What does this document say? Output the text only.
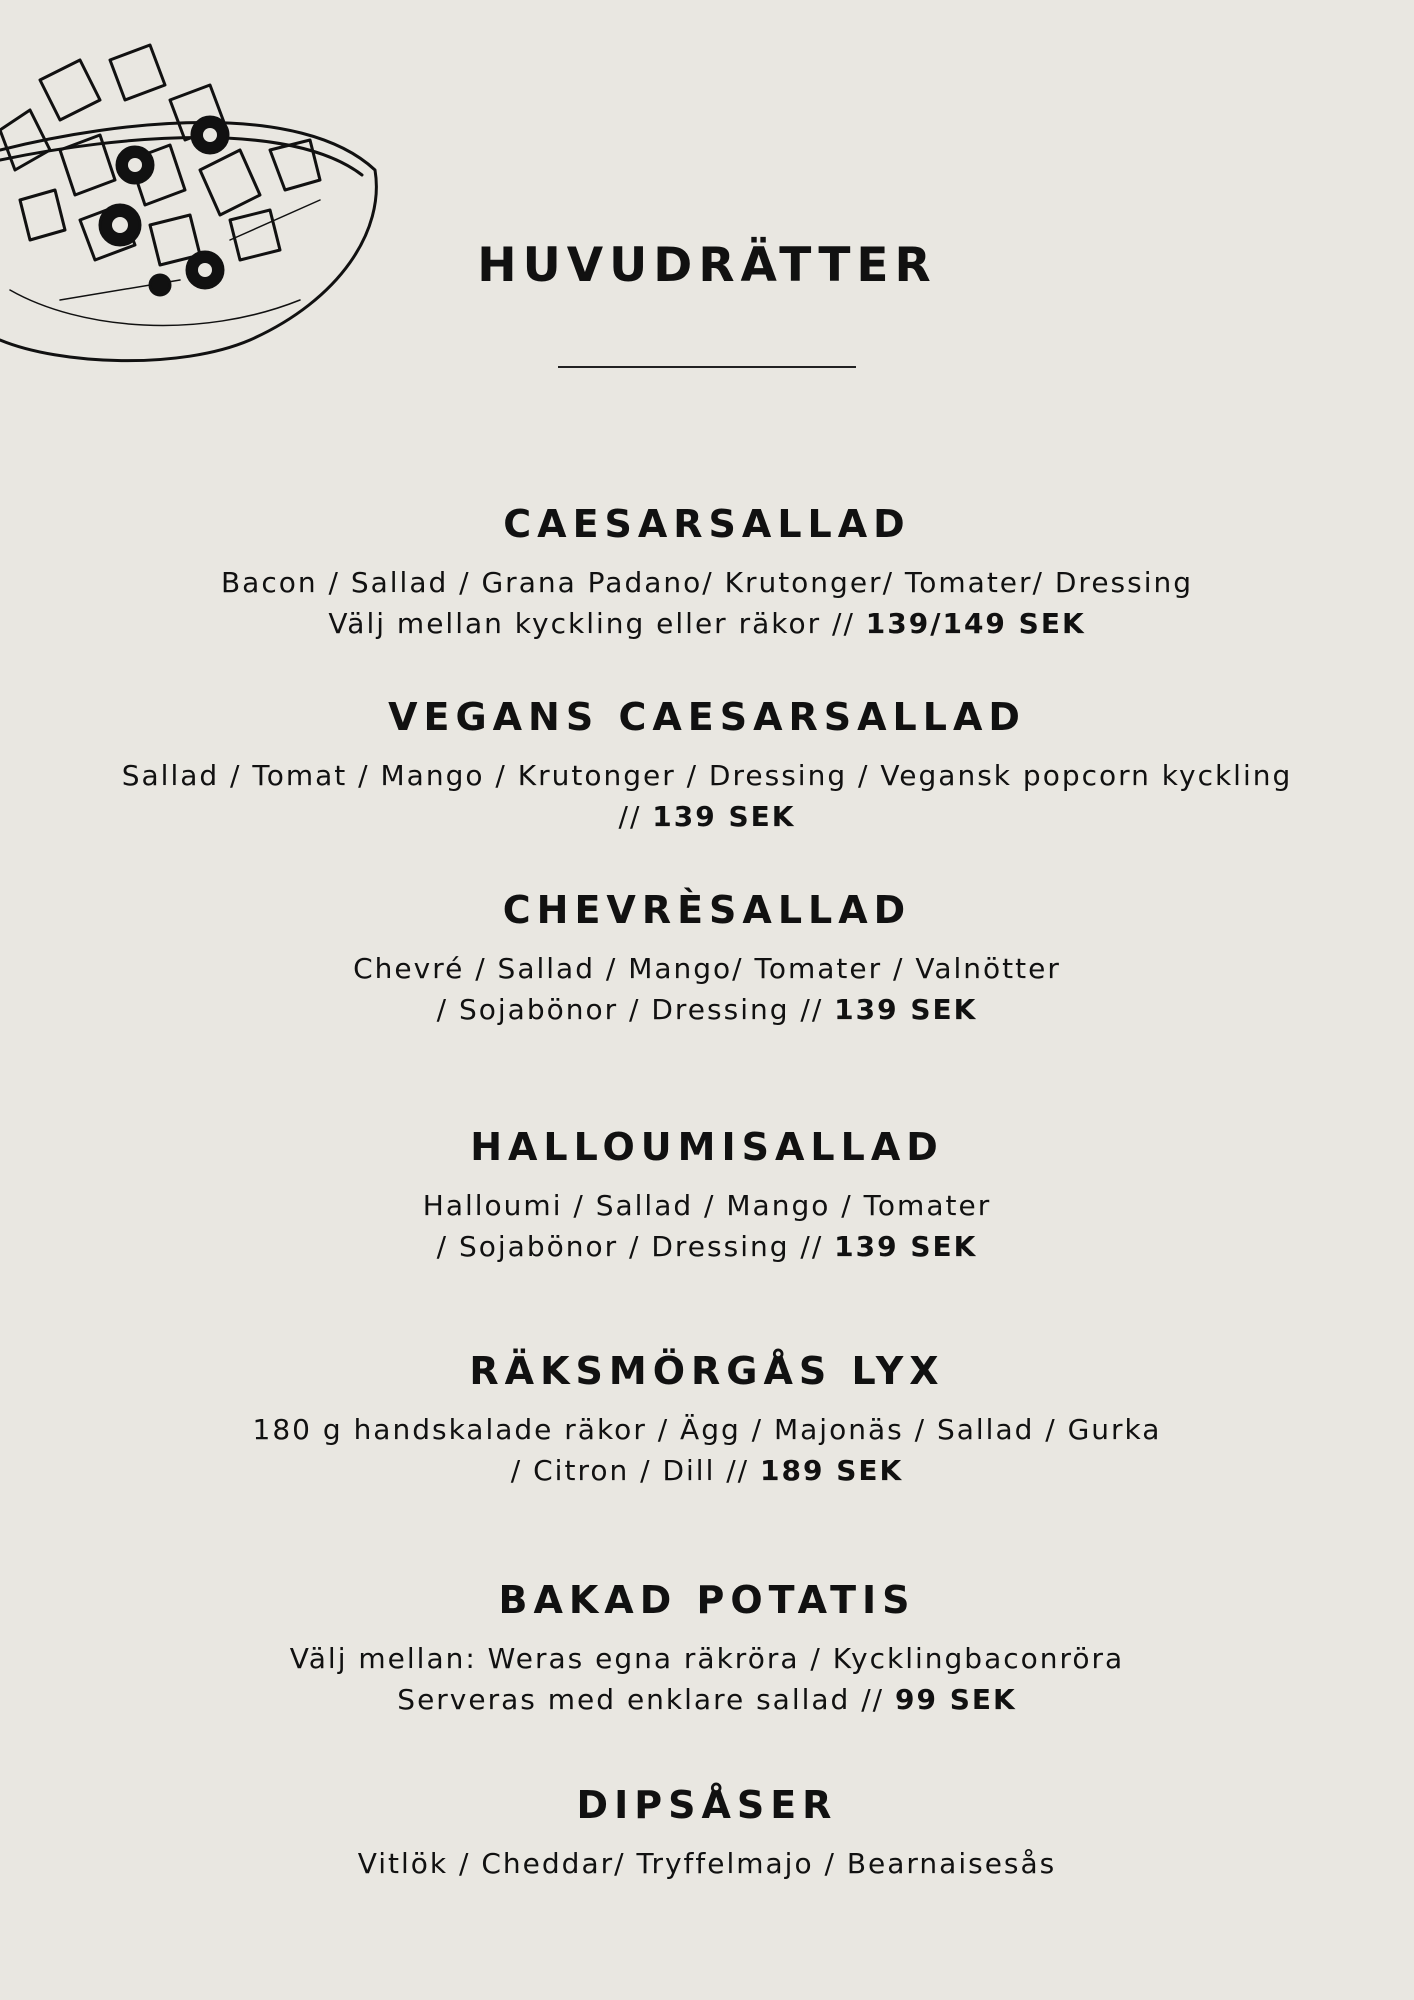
HUVUDRÄTTER
CAESARSALLAD

Bacon / Sallad / Grana Padano/ Krutonger/ Tomater/ Dressing

Välj mellan kyckling eller räkor // 139/149 SEK

VEGANS CAESARSALLAD

Sallad / Tomat / Mango / Krutonger / Dressing / Vegansk popcorn kyckling

// 139 SEK

CHEVRÈSALLAD

Chevré / Sallad / Mango/ Tomater / Valnötter

/ Sojabönor / Dressing // 139 SEK

HALLOUMISALLAD

Halloumi / Sallad / Mango / Tomater

/ Sojabönor / Dressing // 139 SEK

RÄKSMÖRGÅS LYX

180 g handskalade räkor / Ägg / Majonäs / Sallad / Gurka

/ Citron / Dill // 189 SEK

BAKAD POTATIS

Välj mellan: Weras egna räkröra / Kycklingbaconröra

Serveras med enklare sallad // 99 SEK

DIPSÅSER

Vitlök / Cheddar/ Tryffelmajo / Bearnaisesås
